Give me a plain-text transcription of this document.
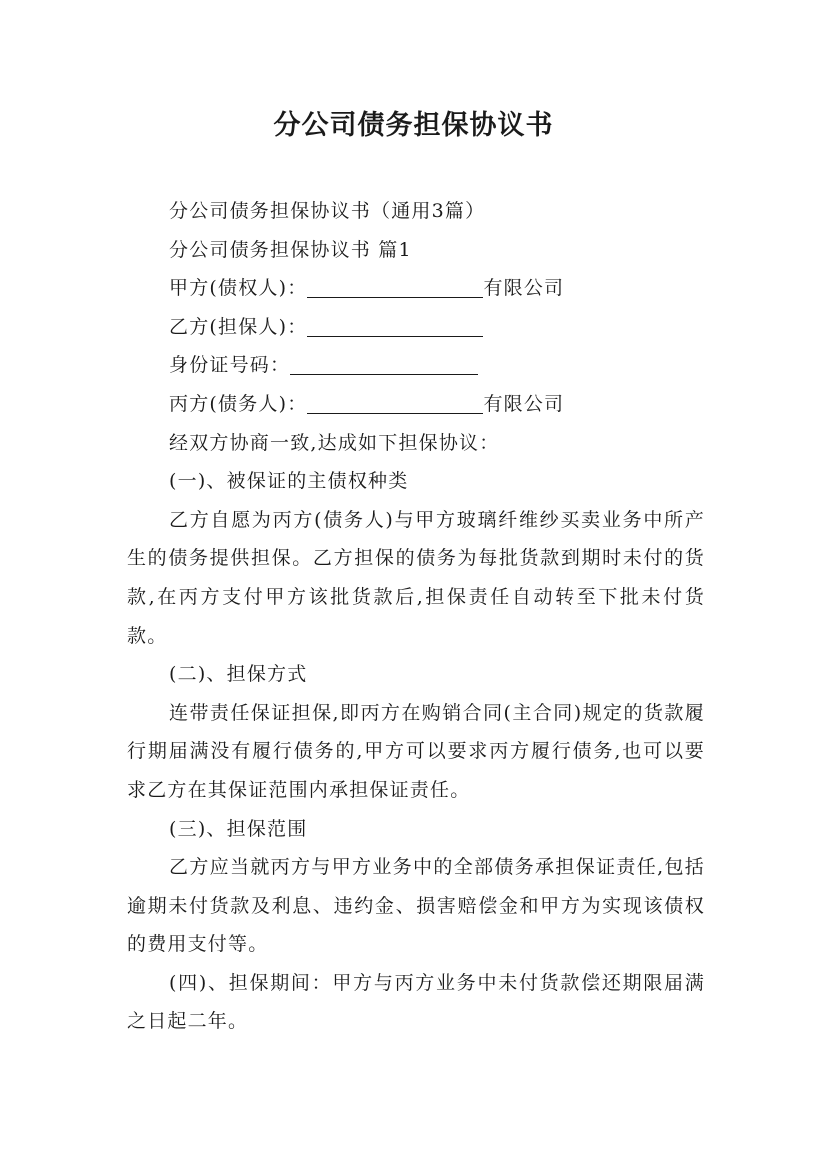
分公司债务担保协议书

分公司债务担保协议书（通用3篇）

分公司债务担保协议书 篇1

甲方(债权人)：	有限公司

乙方(担保人)：

身份证号码：

丙方(债务人)：	有限公司

经双方协商一致,达成如下担保协议：

(一)、被保证的主债权种类

乙方自愿为丙方(债务人)与甲方玻璃纤维纱买卖业务中所产生的债务提供担保。乙方担保的债务为每批货款到期时未付的货款,在丙方支付甲方该批货款后,担保责任自动转至下批未付货款。

(二)、担保方式

连带责任保证担保,即丙方在购销合同(主合同)规定的货款履行期届满没有履行债务的,甲方可以要求丙方履行债务,也可以要求乙方在其保证范围内承担保证责任。

(三)、担保范围

乙方应当就丙方与甲方业务中的全部债务承担保证责任,包括逾期未付货款及利息、违约金、损害赔偿金和甲方为实现该债权的费用支付等。

(四)、担保期间：甲方与丙方业务中未付货款偿还期限届满之日起二年。
